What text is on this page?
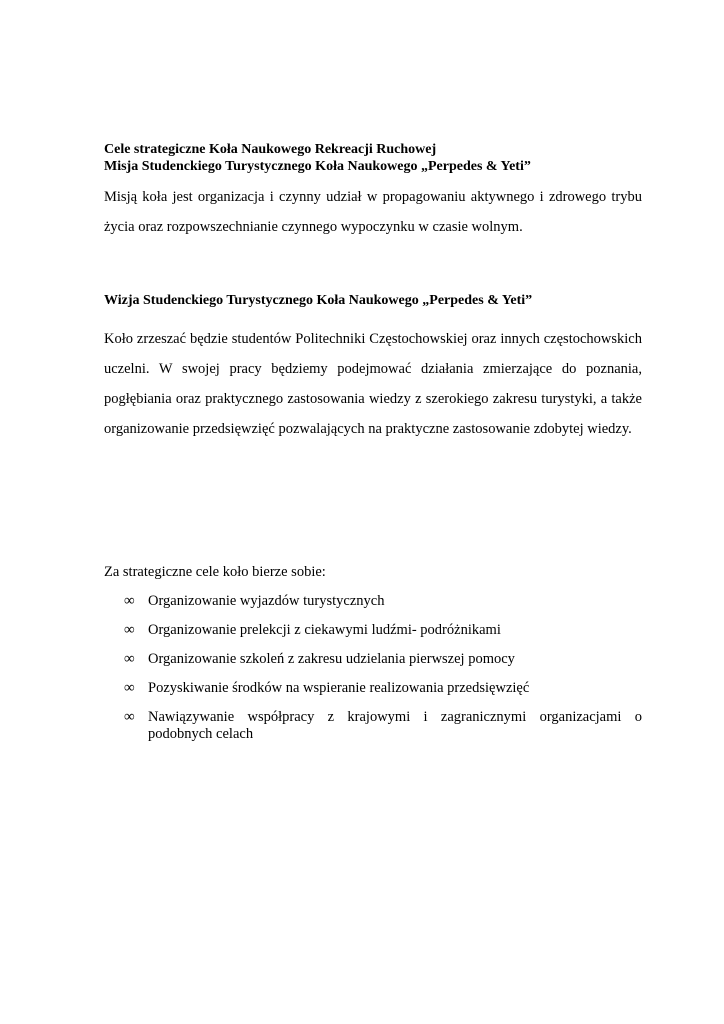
Cele strategiczne Koła Naukowego Rekreacji Ruchowej

Misja Studenckiego Turystycznego Koła Naukowego „Perpedes & Yeti”

Misją koła jest organizacja i czynny udział w propagowaniu aktywnego i zdrowego trybu życia oraz rozpowszechnianie czynnego wypoczynku w czasie wolnym.

Wizja Studenckiego Turystycznego Koła Naukowego „Perpedes & Yeti”

Koło zrzeszać będzie studentów Politechniki Częstochowskiej oraz innych częstochowskich uczelni. W swojej pracy będziemy podejmować działania zmierzające do poznania, pogłębiania oraz praktycznego zastosowania wiedzy z szerokiego zakresu turystyki, a także organizowanie przedsięwzięć pozwalających na praktyczne zastosowanie zdobytej wiedzy.

Za strategiczne cele koło bierze sobie:

∞ Organizowanie wyjazdów turystycznych
∞ Organizowanie prelekcji z ciekawymi ludźmi- podróżnikami
∞ Organizowanie szkoleń z zakresu udzielania pierwszej pomocy
∞ Pozyskiwanie środków na wspieranie realizowania przedsięwzięć
∞ Nawiązywanie współpracy z krajowymi i zagranicznymi organizacjami o podobnych celach
